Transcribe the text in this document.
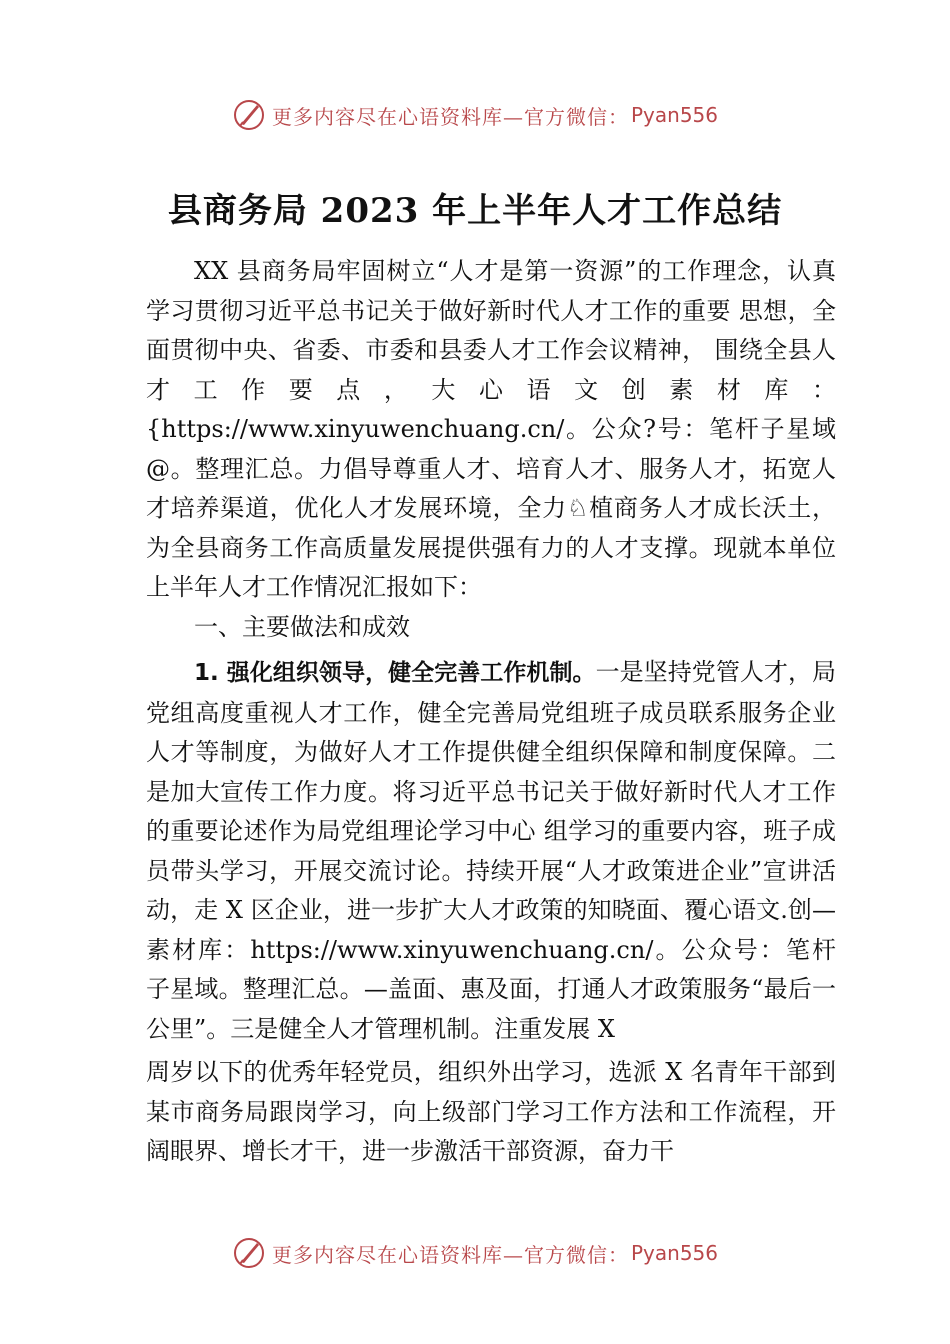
更多内容尽在心语资料库—官方微信： Pyan556
县商务局 2023 年上半年人才工作总结

XX 县商务局牢固树立“人才是第一资源”的工作理念，认真学习贯彻习近平总书记关于做好新时代人才工作的重要 思想，全面贯彻中央、省委、市委和县委人才工作会议精神， 围绕全县人才工作要点，大心语文创素材库：{https://www.xinyuwenchuang.cn/。公众?号：笔杆子星域@。整理汇总。力倡导尊重人才、培育人才、服务人才，拓宽人才培养渠道，优化人才发展环境，全力♘植商务人才成长沃土，为全县商务工作高质量发展提供强有力的人才支撑。现就本单位上半年人才工作情况汇报如下：

一、主要做法和成效

1. 强化组织领导，健全完善工作机制。一是坚持党管人才，局党组高度重视人才工作，健全完善局党组班子成员联系服务企业人才等制度，为做好人才工作提供健全组织保障和制度保障。二是加大宣传工作力度。将习近平总书记关于做好新时代人才工作的重要论述作为局党组理论学习中心 组学习的重要内容，班子成员带头学习，开展交流讨论。持续开展“人才政策进企业”宣讲活动，走 X 区企业，进一步扩大人才政策的知晓面、覆心语文.创—素材库：https://www.xinyuwenchuang.cn/。公众号：笔杆子星域。整理汇总。—盖面、惠及面，打通人才政策服务“最后一公里”。三是健全人才管理机制。注重发展 X

周岁以下的优秀年轻党员，组织外出学习，选派 X 名青年干部到某市商务局跟岗学习，向上级部门学习工作方法和工作流程，开阔眼界、增长才干，进一步激活干部资源，奋力干

更多内容尽在心语资料库—官方微信： Pyan556
